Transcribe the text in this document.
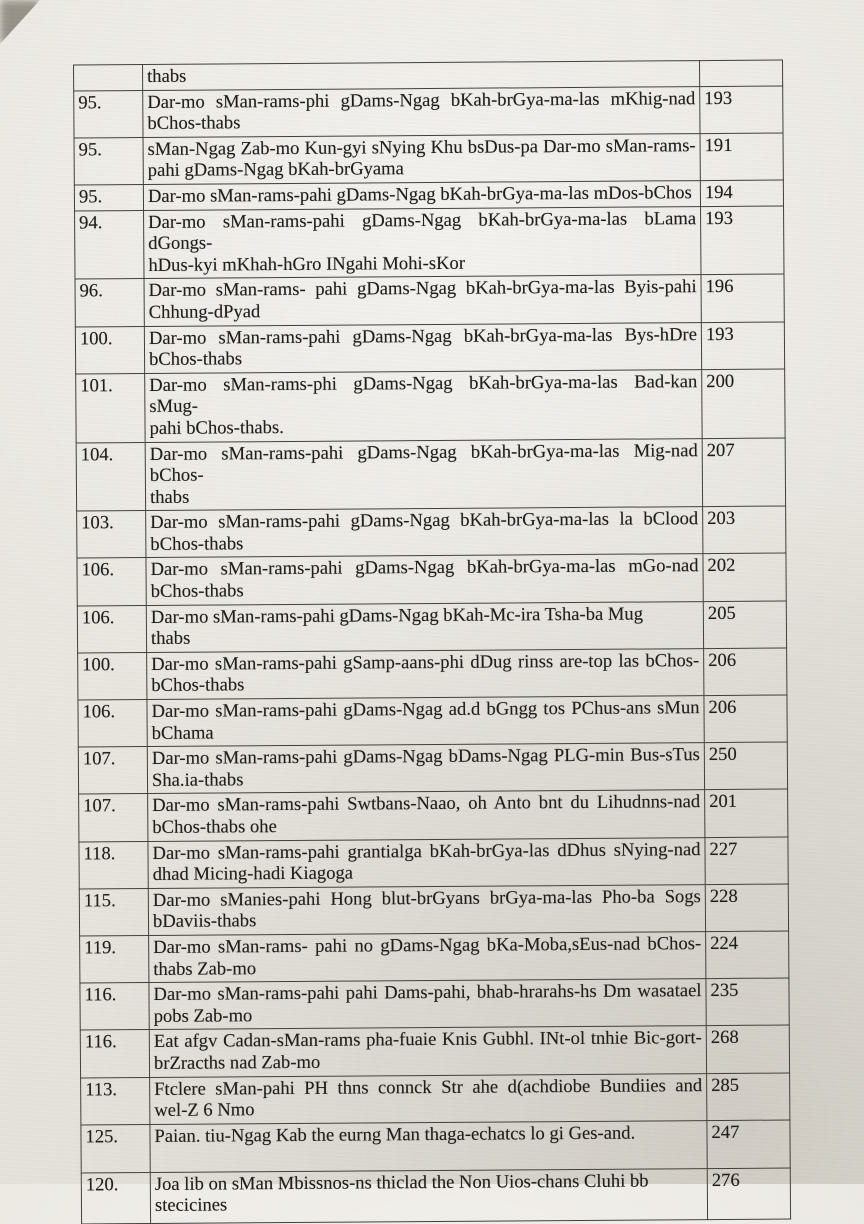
	thabs	

95.	Dar-mo sMan-rams-phi gDams-Ngag bKah-brGya-ma-las mKhig-nad
bChos-thabs	193
95.	sMan-Ngag Zab-mo Kun-gyi sNying Khu bsDus-pa Dar-mo sMan-rams-
pahi gDams-Ngag bKah-brGyama	191
95.	Dar-mo sMan-rams-pahi gDams-Ngag bKah-brGya-ma-las mDos-bChos	194
94.	Dar-mo sMan-rams-pahi gDams-Ngag bKah-brGya-ma-las bLama dGongs-
hDus-kyi mKhah-hGro INgahi Mohi-sKor	193
96.	Dar-mo sMan-rams- pahi gDams-Ngag bKah-brGya-ma-las Byis-pahi
Chhung-dPyad	196
100.	Dar-mo sMan-rams-pahi gDams-Ngag bKah-brGya-ma-las Bys-hDre
bChos-thabs	193
101.	Dar-mo sMan-rams-phi gDams-Ngag bKah-brGya-ma-las Bad-kan sMug-
pahi bChos-thabs.	200
104.	Dar-mo sMan-rams-pahi gDams-Ngag bKah-brGya-ma-las Mig-nad bChos-
thabs	207
103.	Dar-mo sMan-rams-pahi gDams-Ngag bKah-brGya-ma-las la bClood
bChos-thabs	203
106.	Dar-mo sMan-rams-pahi gDams-Ngag bKah-brGya-ma-las mGo-nad
bChos-thabs	202
106.	Dar-mo sMan-rams-pahi gDams-Ngag bKah-Mc-ira Tsha-ba Mug
thabs	205
100.	Dar-mo sMan-rams-pahi gSamp-aans-phi dDug rinss are-top las bChos-
bChos-thabs	206
106.	Dar-mo sMan-rams-pahi gDams-Ngag ad.d bGngg tos PChus-ans sMun
bChama	206
107.	Dar-mo sMan-rams-pahi gDams-Ngag bDams-Ngag PLG-min Bus-sTus
Sha.ia-thabs	250
107.	Dar-mo sMan-rams-pahi Swtbans-Naao, oh Anto bnt du Lihudnns-nad
bChos-thabs ohe	201
118.	Dar-mo sMan-rams-pahi grantialga bKah-brGya-las dDhus sNying-nad
dhad Micing-hadi Kiagoga	227
115.	Dar-mo sManies-pahi Hong blut-brGyans brGya-ma-las Pho-ba Sogs
bDaviis-thabs	228
119.	Dar-mo sMan-rams- pahi no gDams-Ngag bKa-Moba,sEus-nad bChos-
thabs Zab-mo	224
116.	Dar-mo sMan-rams-pahi pahi Dams-pahi, bhab-hrarahs-hs Dm wasatael
pobs Zab-mo	235
116.	Eat afgv Cadan-sMan-rams pha-fuaie Knis Gubhl. INt-ol tnhie Bic-gort-
brZracths nad Zab-mo	268
113.	Ftclere sMan-pahi PH thns connck Str ahe d(achdiobe Bundiies and
wel-Z 6 Nmo	285
125.	Paian. tiu-Ngag Kab the eurng Man thaga-echatcs lo gi Ges-and.	247
120.	Joa lib on sMan Mbissnos-ns thiclad the Non Uios-chans Cluhi bb
stecicines	276
